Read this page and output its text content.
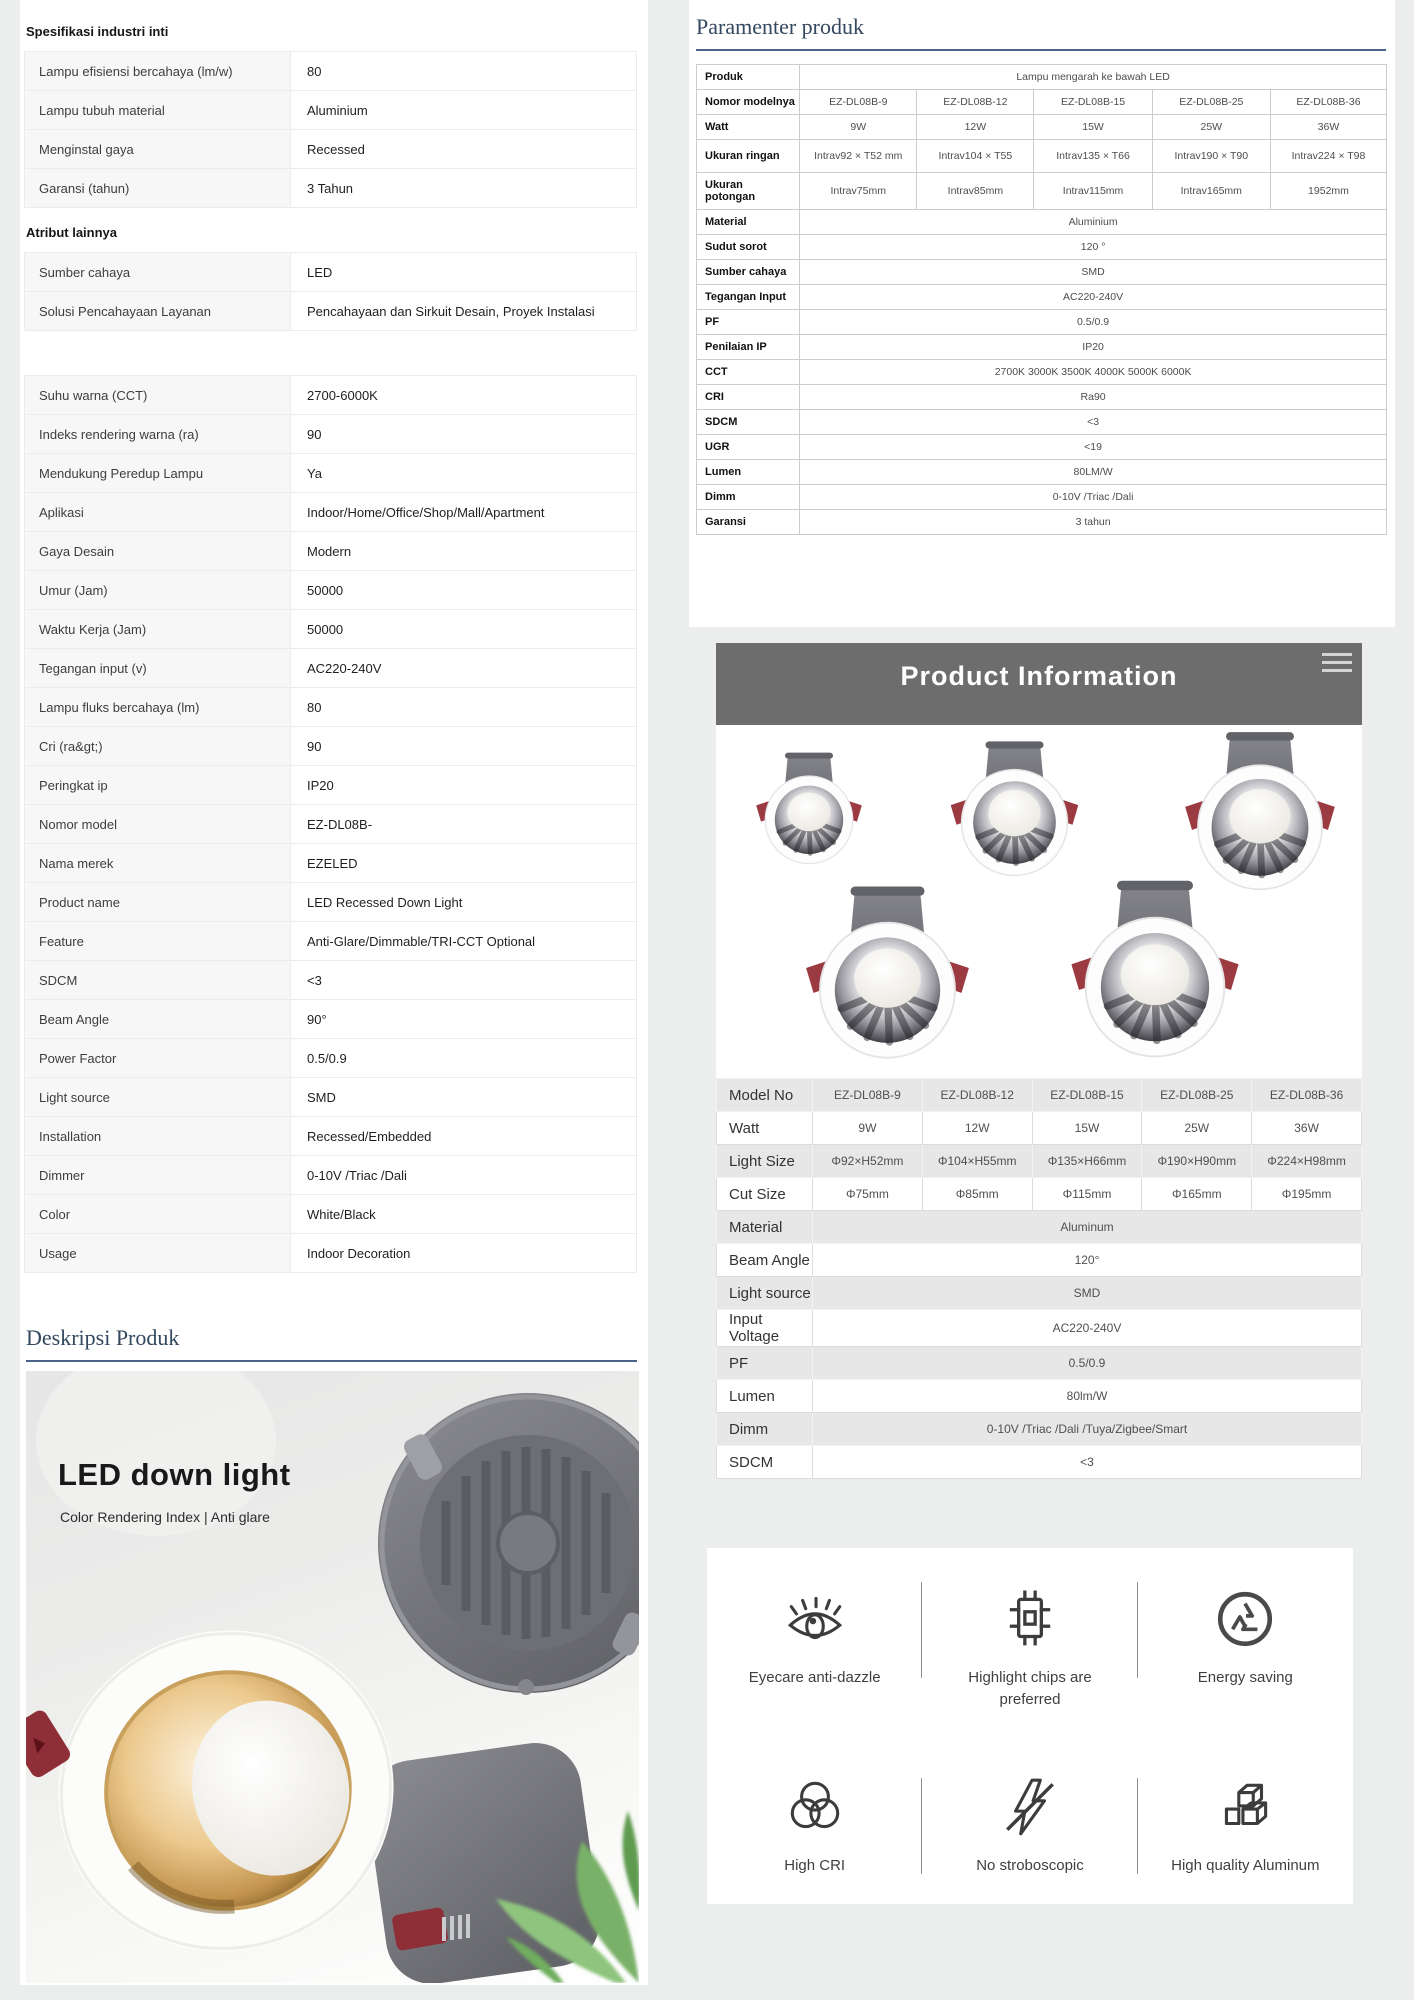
Spesifikasi industri inti
Lampu efisiensi bercahaya (lm/w)	80
Lampu tubuh material	Aluminium
Menginstal gaya	Recessed
Garansi (tahun)	3 Tahun
Atribut lainnya
Sumber cahaya	LED
Solusi Pencahayaan Layanan	Pencahayaan dan Sirkuit Desain, Proyek Instalasi
Suhu warna (CCT)	2700-6000K
Indeks rendering warna (ra)	90
Mendukung Peredup Lampu	Ya
Aplikasi	Indoor/Home/Office/Shop/Mall/Apartment
Gaya Desain	Modern
Umur (Jam)	50000
Waktu Kerja (Jam)	50000
Tegangan input (v)	AC220-240V
Lampu fluks bercahaya (lm)	80
Cri (ra&gt;)	90
Peringkat ip	IP20
Nomor model	EZ-DL08B-
Nama merek	EZELED
Product name	LED Recessed Down Light
Feature	Anti-Glare/Dimmable/TRI-CCT Optional
SDCM	<3
Beam Angle	90°
Power Factor	0.5/0.9
Light source	SMD
Installation	Recessed/Embedded
Dimmer	0-10V /Triac /Dali
Color	White/Black
Usage	Indoor Decoration
Deskripsi Produk
LED down light
Color Rendering Index | Anti glare
Paramenter produk
Produk	Lampu mengarah ke bawah LED				
Nomor modelnya	EZ-DL08B-9	EZ-DL08B-12	EZ-DL08B-15	EZ-DL08B-25	EZ-DL08B-36
Watt	9W	12W	15W	25W	36W
Ukuran ringan	Intrav92 × T52 mm	Intrav104 × T55	Intrav135 × T66	Intrav190 × T90	Intrav224 × T98
Ukuran potongan	Intrav75mm	Intrav85mm	Intrav115mm	Intrav165mm	1952mm
Material	Aluminium				
Sudut sorot	120 °				
Sumber cahaya	SMD				
Tegangan Input	AC220-240V				
PF	0.5/0.9				
Penilaian IP	IP20				
CCT	2700K 3000K 3500K 4000K 5000K 6000K				
CRI	Ra90				
SDCM	<3				
UGR	<19				
Lumen	80LM/W				
Dimm	0-10V /Triac /Dali				
Garansi	3 tahun				
Product Information
Model No	EZ-DL08B-9	EZ-DL08B-12	EZ-DL08B-15	EZ-DL08B-25	EZ-DL08B-36
Watt	9W	12W	15W	25W	36W
Light Size	Φ92×H52mm	Φ104×H55mm	Φ135×H66mm	Φ190×H90mm	Φ224×H98mm
Cut Size	Φ75mm	Φ85mm	Φ115mm	Φ165mm	Φ195mm
Material	Aluminum				
Beam Angle	120°				
Light source	SMD				
Input Voltage	AC220-240V				
PF	0.5/0.9				
Lumen	80lm/W				
Dimm	0-10V /Triac /Dali /Tuya/Zigbee/Smart				
SDCM	<3				
Eyecare anti-dazzle	Highlight chips are preferred
Energy saving
High CRI	No stroboscopic	High quality Aluminum
